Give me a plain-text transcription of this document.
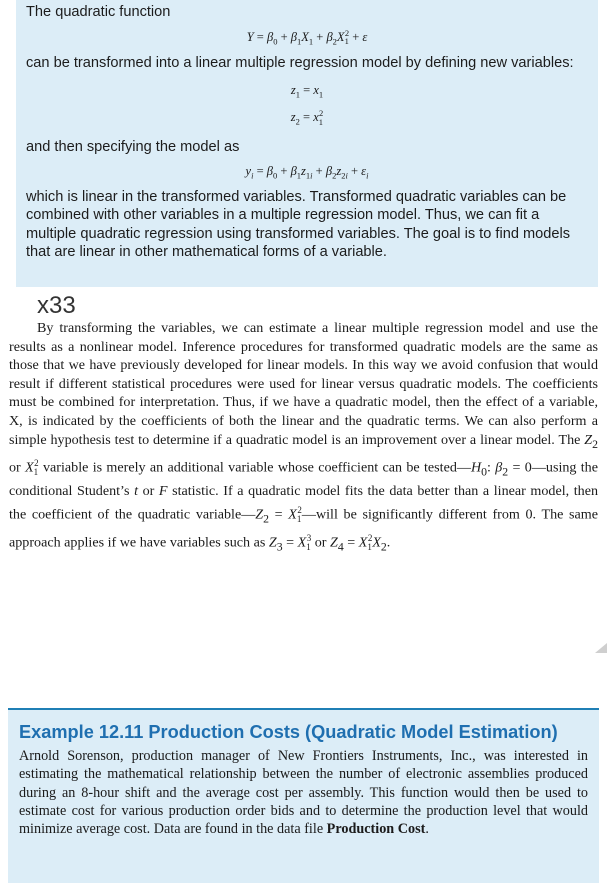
The quadratic function

$Y = \beta_0 + \beta_1X_1 + \beta_2X_1^2 + \varepsilon$

can be transformed into a linear multiple regression model by defining new variables:

$z_1 = x_1$
$z_2 = x_1^2$

and then specifying the model as

$y_i = \beta_0 + \beta_1z_{1i} + \beta_2z_{2i} + \varepsilon_i$

which is linear in the transformed variables. Transformed quadratic variables can be combined with other variables in a multiple regression model. Thus, we can fit a multiple quadratic regression using transformed variables. The goal is to find models that are linear in other mathematical forms of a variable.

x33

By transforming the variables, we can estimate a linear multiple regression model and use the results as a nonlinear model. Inference procedures for transformed quadratic models are the same as those that we have previously developed for linear models. In this way we avoid confusion that would result if different statistical procedures were used for linear versus quadratic models. The coefficients must be combined for interpretation. Thus, if we have a quadratic model, then the effect of a variable, X, is indicated by the coefficients of both the linear and the quadratic terms. We can also perform a simple hypothesis test to determine if a quadratic model is an improvement over a linear model. The $Z_2$ or $X_1^2$ variable is merely an additional variable whose coefficient can be $tested—H_0$: $\beta_2$ = 0—using the conditional Student’s t or F statistic. If a quadratic model fits the data better than a linear model, then the coefficient of the quadratic $variable—Z_2$ = $X_1^2—will$ be significantly different from 0. The same approach applies if we have variables such as $Z_3 = X_1^3$ or $Z_4 = X_1^2X_2$.

Example 12.11 Production Costs (Quadratic Model Estimation)

Arnold Sorenson, production manager of New Frontiers Instruments, Inc., was interested in estimating the mathematical relationship between the number of electronic assemblies produced during an 8-hour shift and the average cost per assembly. This function would then be used to estimate cost for various production order bids and to determine the production level that would minimize average cost. Data are found in the data file Production Cost.
